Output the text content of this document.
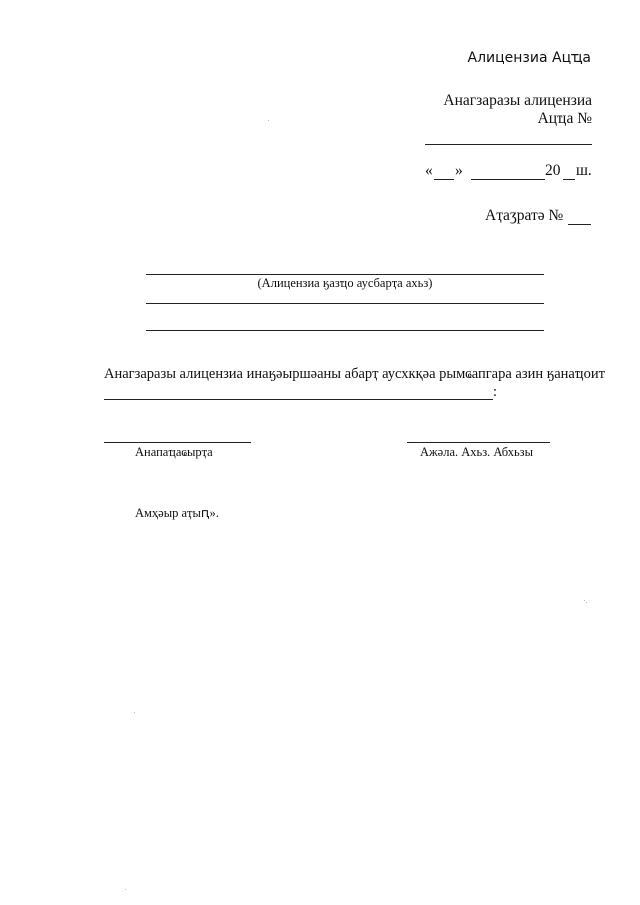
Алицензиа Ацҵа
Анагзаразы алицензиа
Ацҵа №
« »	20 ш.
Аҭаӡратә №
(Алицензиа ӄазҵо аусбарҭа ахьз)
Анагзаразы алицензиа инаӄәыршәаны абарҭ аусхкқәа рымҩапгара азин ӄанаҵоит
:
Анапаҵаҩырҭа	Ажәла. Ахьз. Абхьзы
Амҳәыр аҭыԥ».
